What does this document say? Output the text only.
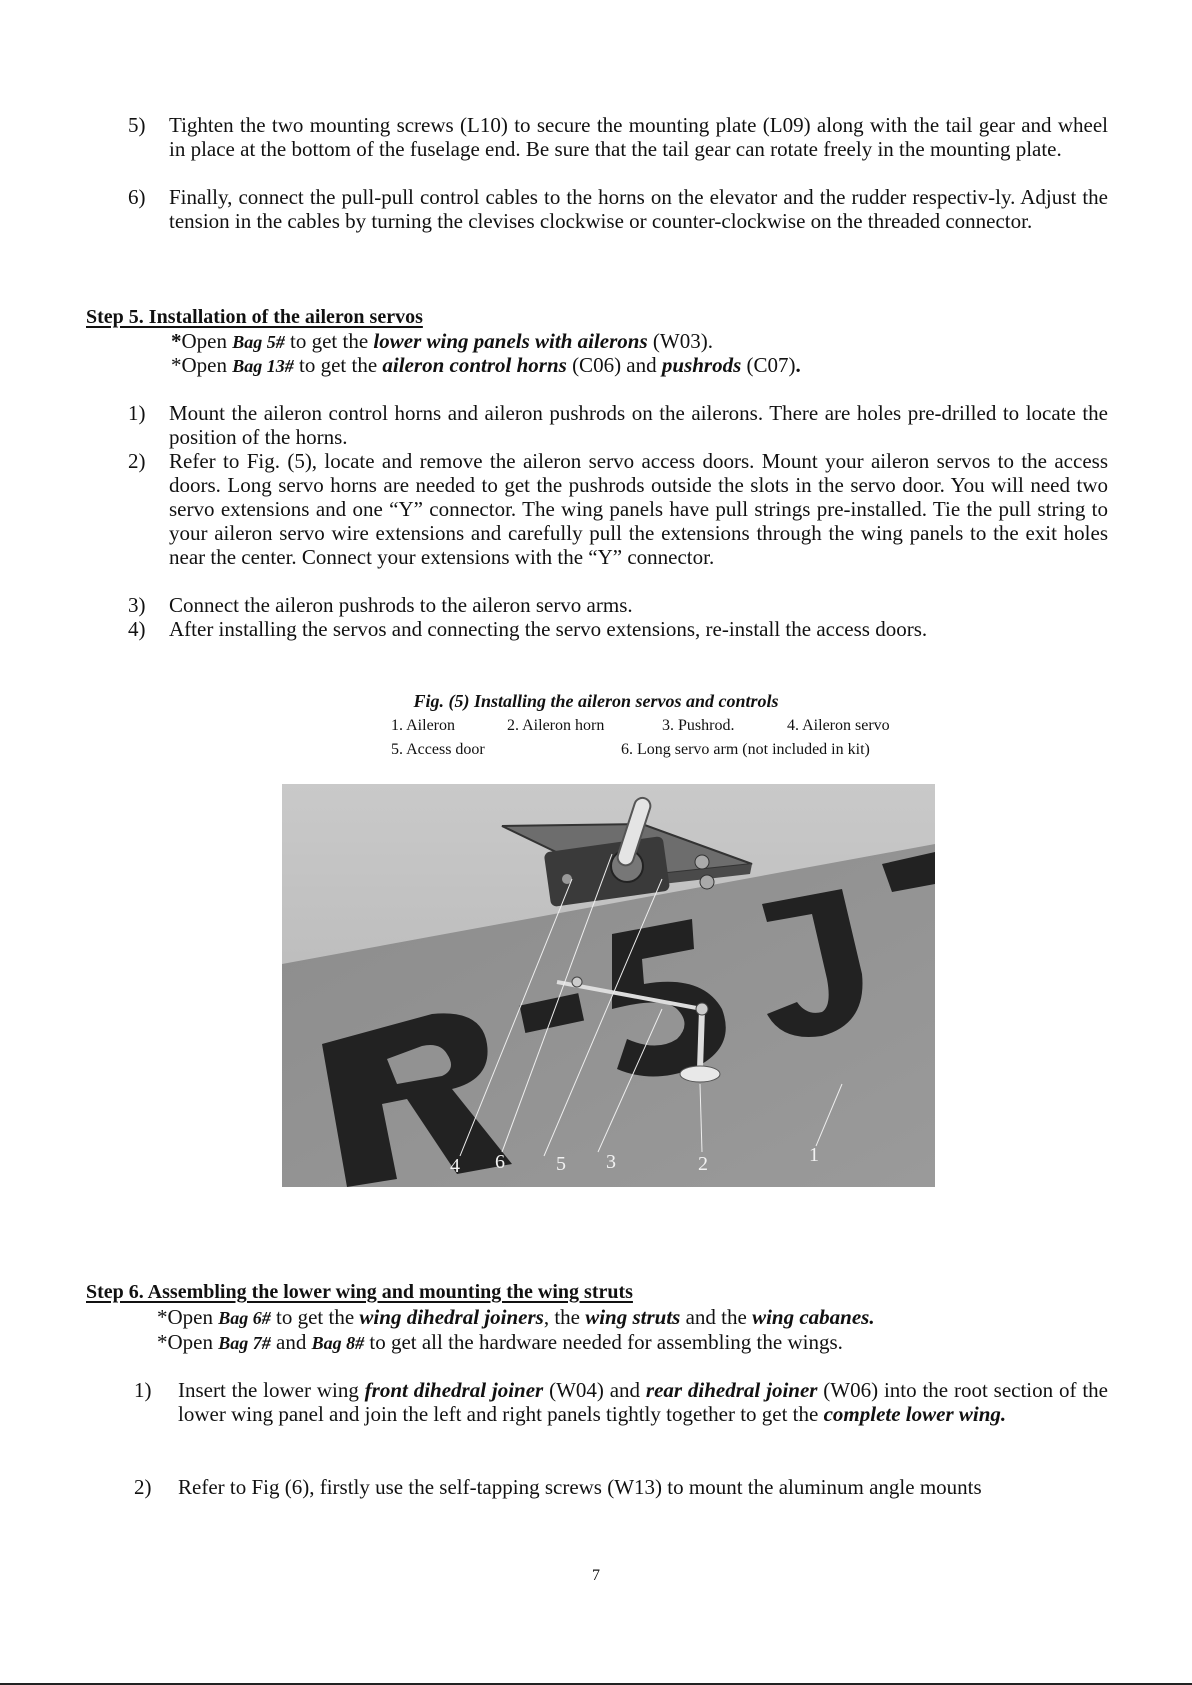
5)	Tighten the two mounting screws (L10) to secure the mounting plate (L09) along with the tail gear and wheel in place at the bottom of the fuselage end. Be sure that the tail gear can rotate freely in the mounting plate.
6)	Finally, connect the pull-pull control cables to the horns on the elevator and the rudder respectiv-ly. Adjust the tension in the cables by turning the clevises clockwise or counter-clockwise on the threaded connector.
Step 5. Installation of the aileron servos
*Open Bag 5# to get the lower wing panels with ailerons (W03).
*Open Bag 13# to get the aileron control horns (C06) and pushrods (C07).
1)	Mount the aileron control horns and aileron pushrods on the ailerons. There are holes pre-drilled to locate the position of the horns.
2)	Refer to Fig. (5), locate and remove the aileron servo access doors. Mount your aileron servos to the access doors. Long servo horns are needed to get the pushrods outside the slots in the servo door. You will need two servo extensions and one “Y” connector. The wing panels have pull strings pre-installed. Tie the pull string to your aileron servo wire extensions and carefully pull the extensions through the wing panels to the exit holes near the center. Connect your extensions with the “Y” connector.
3)	Connect the aileron pushrods to the aileron servo arms.
4)	After installing the servos and connecting the servo extensions, re-install the access doors.
Fig. (5) Installing the aileron servos and controls
1. Aileron	2. Aileron horn	3. Pushrod.	4. Aileron servo
5. Access door	6. Long servo arm (not included in kit)
4 6	5 3	2	1
Step 6. Assembling the lower wing and mounting the wing struts
*Open Bag 6# to get the wing dihedral joiners, the wing struts and the wing cabanes.
*Open Bag 7# and Bag 8# to get all the hardware needed for assembling the wings.
1)	Insert the lower wing front dihedral joiner (W04) and rear dihedral joiner (W06) into the root section of the lower wing panel and join the left and right panels tightly together to get the complete lower wing.
2)	Refer to Fig (6), firstly use the self-tapping screws (W13) to mount the aluminum angle mounts
7
